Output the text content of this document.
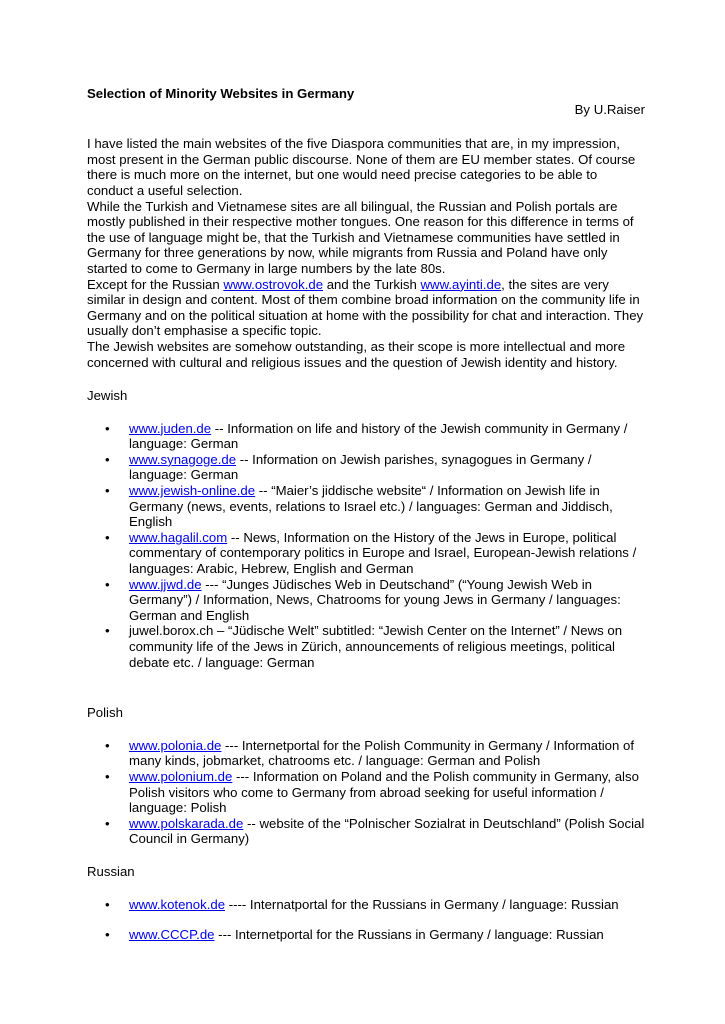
Selection of Minority Websites in Germany

By U.Raiser

I have listed the main websites of the five Diaspora communities that are, in my impression, most present in the German public discourse. None of them are EU member states. Of course there is much more on the internet, but one would need precise categories to be able to conduct a useful selection.

While the Turkish and Vietnamese sites are all bilingual, the Russian and Polish portals are mostly published in their respective mother tongues. One reason for this difference in terms of the use of language might be, that the Turkish and Vietnamese communities have settled in Germany for three generations by now, while migrants from Russia and Poland have only started to come to Germany in large numbers by the late 80s.

Except for the Russian www.ostrovok.de and the Turkish www.ayinti.de, the sites are very similar in design and content. Most of them combine broad information on the community life in Germany and on the political situation at home with the possibility for chat and interaction. They usually don’t emphasise a specific topic.

The Jewish websites are somehow outstanding, as their scope is more intellectual and more concerned with cultural and religious issues and the question of Jewish identity and history.

Jewish

• www.juden.de -- Information on life and history of the Jewish community in Germany / language: German
• www.synagoge.de -- Information on Jewish parishes, synagogues in Germany / language: German
• www.jewish-online.de -- “Maier’s jiddische website“ / Information on Jewish life in Germany (news, events, relations to Israel etc.) / languages: German and Jiddisch, English
• www.hagalil.com -- News, Information on the History of the Jews in Europe, political commentary of contemporary politics in Europe and Israel, European-Jewish relations / languages: Arabic, Hebrew, English and German
• www.jjwd.de --- “Junges Jüdisches Web in Deutschand” (“Young Jewish Web in Germany”) / Information, News, Chatrooms for young Jews in Germany / languages: German and English
• juwel.borox.ch – “Jüdische Welt” subtitled: “Jewish Center on the Internet” / News on community life of the Jews in Zürich, announcements of religious meetings, political debate etc. / language: German

Polish

• www.polonia.de --- Internetportal for the Polish Community in Germany / Information of many kinds, jobmarket, chatrooms etc. / language: German and Polish
• www.polonium.de --- Information on Poland and the Polish community in Germany, also Polish visitors who come to Germany from abroad seeking for useful information / language: Polish
• www.polskarada.de -- website of the “Polnischer Sozialrat in Deutschland” (Polish Social Council in Germany)

Russian

• www.kotenok.de ---- Internatportal for the Russians in Germany / language: Russian
• www.CCCP.de --- Internetportal for the Russians in Germany / language: Russian
